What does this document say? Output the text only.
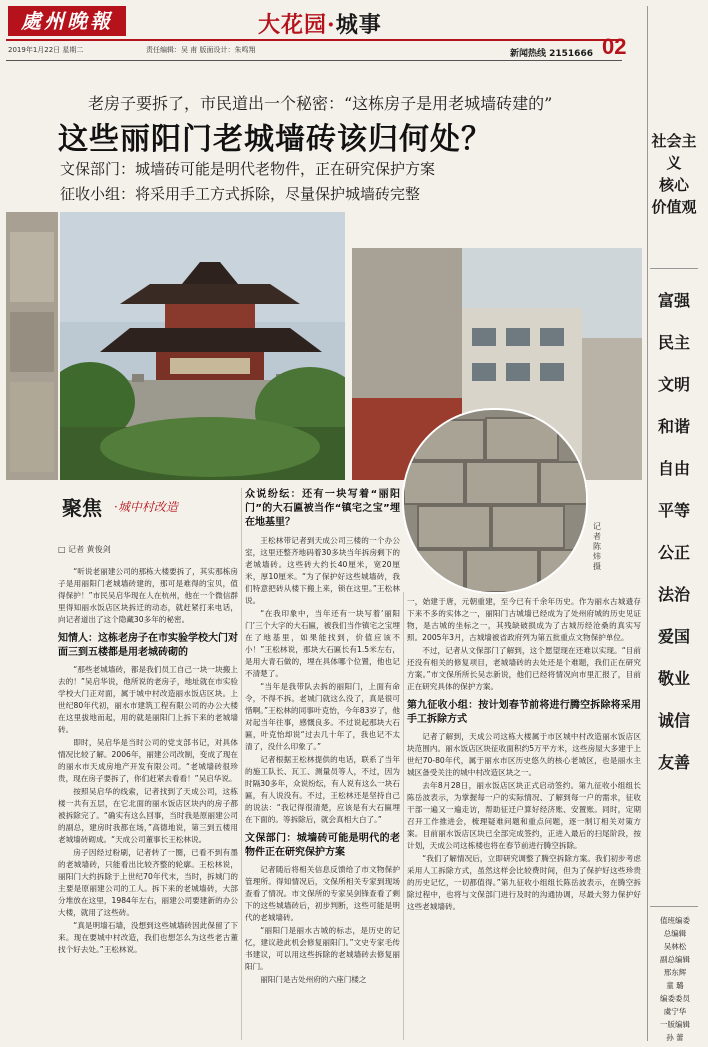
處州晚報	大花园·城事
2019年1月22日 星期二	责任编辑：吴 甫 版面设计：朱鸣翔	新闻热线 2151666 02
老房子要拆了，市民道出一个秘密：“这栋房子是用老城墙砖建的”
这些丽阳门老城墙砖该归何处？
文保部门：城墙砖可能是明代老物件，正在研究保护方案
征收小组：将采用手工方式拆除，尽量保护城墙砖完整
记者 陈炜 摄
社会主义
核心
价值观
富强
民主
文明
和谐
自由
平等
公正
法治
爱国
敬业
诚信
友善
值班编委
总编辑
吴林松
副总编辑
邢东辉
童 璐
编委委员
虞宁华
一版编辑
孙 蕾
聚焦 ·城中村改造
□ 记者 黄俊剑

“听说老丽建公司的那栋大楼要拆了，其实那栋房子是用丽阳门老城墙砖建的，那可是难得的宝贝，值得保护！”市民吴启华现在人在杭州，他在一个微信群里得知丽水饭店区块拆迁的动态，就赶紧打来电话，向记者道出了这个隐藏30多年的秘密。

知情人：这栋老房子在市实验学校大门对面三到五楼都是用老城砖砌的

“那些老城墙砖，都是我们员工自己一块一块搬上去的！”吴启华说，他所说的老房子，地址就在市实验学校大门正对面，属于城中村改造丽水饭店区块。上世纪80年代初，丽水市建筑工程有限公司的办公大楼在这里拔地而起，用的就是丽阳门上拆下来的老城墙砖。

即时，吴启华是当时公司的党支部书记，对具体情况比较了解。2006年，丽建公司改制，变成了现在的丽水市天成房地产开发有限公司。“老城墙砖很珍贵，现在房子要拆了，你们赶紧去看看！”吴启华说。

按照吴启华的线索，记者找到了天成公司，这栋楼一共有五层，在它北面的丽水饭店区块内的房子都被拆除完了。“确实有这么回事，当时我是原丽建公司的副总，建房时我都在场，”高德地说，第三到五楼用老城墙砖砌成。“天成公司董事长王松林说。

房子因经过粉刷，记者转了一圈，已看不到有墨的老城墙砖，只能看出比较齐整的轮廓。王松林说，丽阳门大约拆除于上世纪70年代末，当时，拆城门的主要是原丽建公司的工人。拆下来的老城墙砖，大部分堆放在这里，1984年左右，丽建公司要建新的办公大楼，就用了这些砖。

“真是明墙石墙，没想到这些城墙砖因此保留了下来。现在要城中村改造，我们也想怎么为这些老古董找个好去处。”王松林说。

众说纷纭：还有一块写着“丽阳门”的大石匾被当作“镇宅之宝”埋在地基里？

王松林带记者到天成公司三楼的一个办公室，这里还整齐地码着30多块当年拆房剩下的老城墙砖。这些砖大约长40厘米，宽20厘米，厚10厘米。“为了保护好这些城墙砖，我们特意把砖从楼下搬上来，锁在这里。”王松林说。

“在我印象中，当年还有一块写着‘丽阳门’三个大字的大石匾，被我们当作镇宅之宝埋在了地基里，如果能找到，价值应该不小！”王松林说，那块大石匾长有1.5米左右，是用大青石做的，埋在具体哪个位置，他也记不清楚了。

“当年是我带队去拆的丽阳门，上面有命令，不得不拆。老城门就这么没了，真是很可惜啊。”王松林的同事叶克怡，今年83岁了，他对起当年往事，感慨良多。不过说起那块大石匾，叶克怡却说“过去几十年了，我也记不太清了，没什么印象了。”

记者根据王松林提供的电话，联系了当年的施工队长、瓦工、测量员等人，不过，因为时隔30多年，众说纷纭，有人说有这么一块石匾，有人说没有。不过，王松林还是坚持自己的说法：“我记得很清楚，应该是有大石匾埋在下面的。等拆除后，就会真相大白了。”

文保部门：城墙砖可能是明代的老物件正在研究保护方案

记者随后将相关信息反馈给了市文物保护管理所。得知情况后，文保所相关专家到现场查看了情况。市文保所的专家吴剑锋查看了剩下的这些城墙砖后，初步判断，这些可能是明代的老城墙砖。

“丽阳门是丽水古城的标志，是历史的记忆，建议趁此机会修复丽阳门。”文史专家毛传书建议，可以用这些拆除的老城墙砖去修复丽阳门。

丽阳门是古处州府的六座门楼之

一，始建于唐，元朝重建，至今已有千余年历史。作为丽水古城遗存下来不多的实体之一，丽阳门古城墙已经成为了处州府城的历史见证物，是古城的坐标之一，其残缺破损成为了古城历经沧桑的真实写照。2005年3月，古城墙被省政府列为第五批重点文物保护单位。

不过，记者从文保部门了解到，这个愿望现在还难以实现。“目前还没有相关的修复项目，老城墙砖的去处还是个难题，我们正在研究方案。”市文保所所长吴志新说，他们已经将情况向市里汇报了，目前正在研究具体的保护方案。

第九征收小组：按计划春节前将进行腾空拆除将采用手工拆除方式

记者了解到，天成公司这栋大楼属于市区城中村改造丽水饭店区块范围内。丽水饭店区块征收面积约5万平方米，这些房屋大多建于上世纪70-80年代，属于丽水市区历史悠久的核心老城区，也是丽水主城区备受关注的城中村改造区块之一。

去年8月28日，丽水饭店区块正式启动签约。第九征收小组组长陈岳波表示，为掌握每一户的实际情况、了解到每一户的需求，征收干部一遍又一遍走访，帮助征迁户算好经济账、安置账。同时，定期召开工作推进会，梳理疑难问题和重点问题，逐一制订相关对策方案。目前丽水饭店区块已全部完成签约，正进入最后的扫尾阶段，按计划，天成公司这栋楼也将在春节前进行腾空拆除。

“我们了解情况后，立即研究调整了腾空拆除方案。我们初步考虑采用人工拆除方式，虽然这样会比较费时间，但为了保护好这些珍贵的历史记忆，一切都值得。”第九征收小组组长陈岳波表示，在腾空拆除过程中，也将与文保部门进行及时的沟通协调，尽最大努力保护好这些老城墙砖。
